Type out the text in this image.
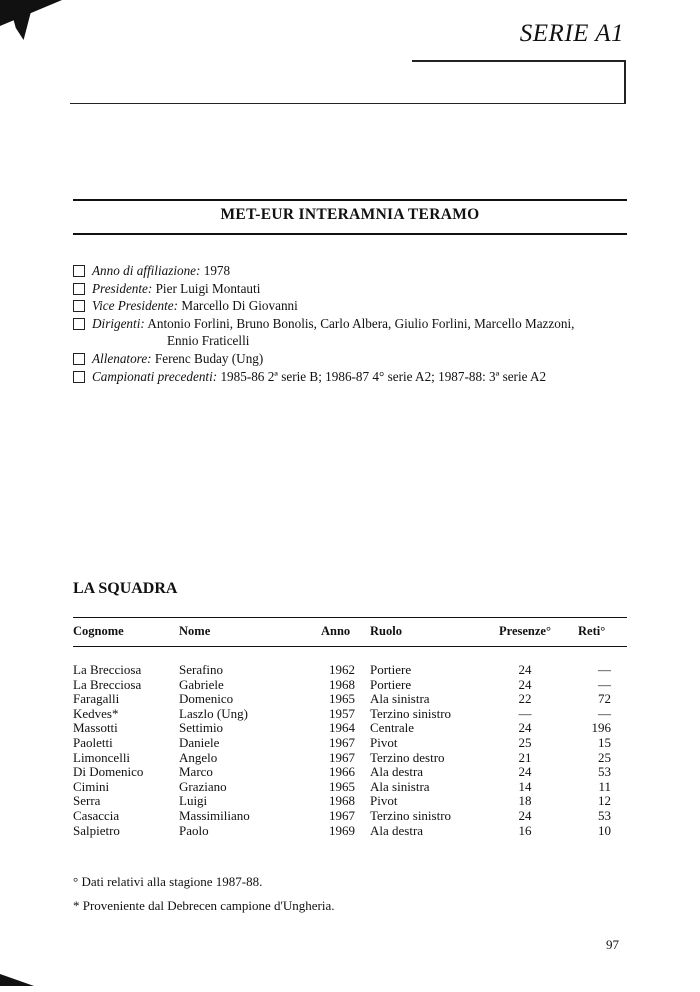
SERIE A1
MET-EUR INTERAMNIA TERAMO
Anno di affiliazione: 1978
Presidente: Pier Luigi Montauti
Vice Presidente: Marcello Di Giovanni
Dirigenti: Antonio Forlini, Bruno Bonolis, Carlo Albera, Giulio Forlini, Marcello Mazzoni,
Ennio Fraticelli
Allenatore: Ferenc Buday (Ung)
Campionati precedenti: 1985-86 2ª serie B; 1986-87 4° serie A2; 1987-88: 3ª serie A2
LA SQUADRA
Cognome	Nome	Anno Ruolo	Presenze° Reti°
La Brecciosa	Serafino	1962 Portiere	24	—
La Brecciosa	Gabriele	1968 Portiere	24	—
Faragalli	Domenico	1965 Ala sinistra	22	72
Kedves*	Laszlo (Ung)	1957 Terzino sinistro	—	—
Massotti	Settimio	1964 Centrale	24	196
Paoletti	Daniele	1967 Pivot	25	15
Limoncelli	Angelo	1967 Terzino destro	21	25
Di Domenico	Marco	1966 Ala destra	24	53
Cimini	Graziano	1965 Ala sinistra	14	11
Serra	Luigi	1968 Pivot	18	12
Casaccia	Massimiliano	1967 Terzino sinistro	24	53
Salpietro	Paolo	1969 Ala destra	16	10
° Dati relativi alla stagione 1987-88.
* Proveniente dal Debrecen campione d'Ungheria.
97
